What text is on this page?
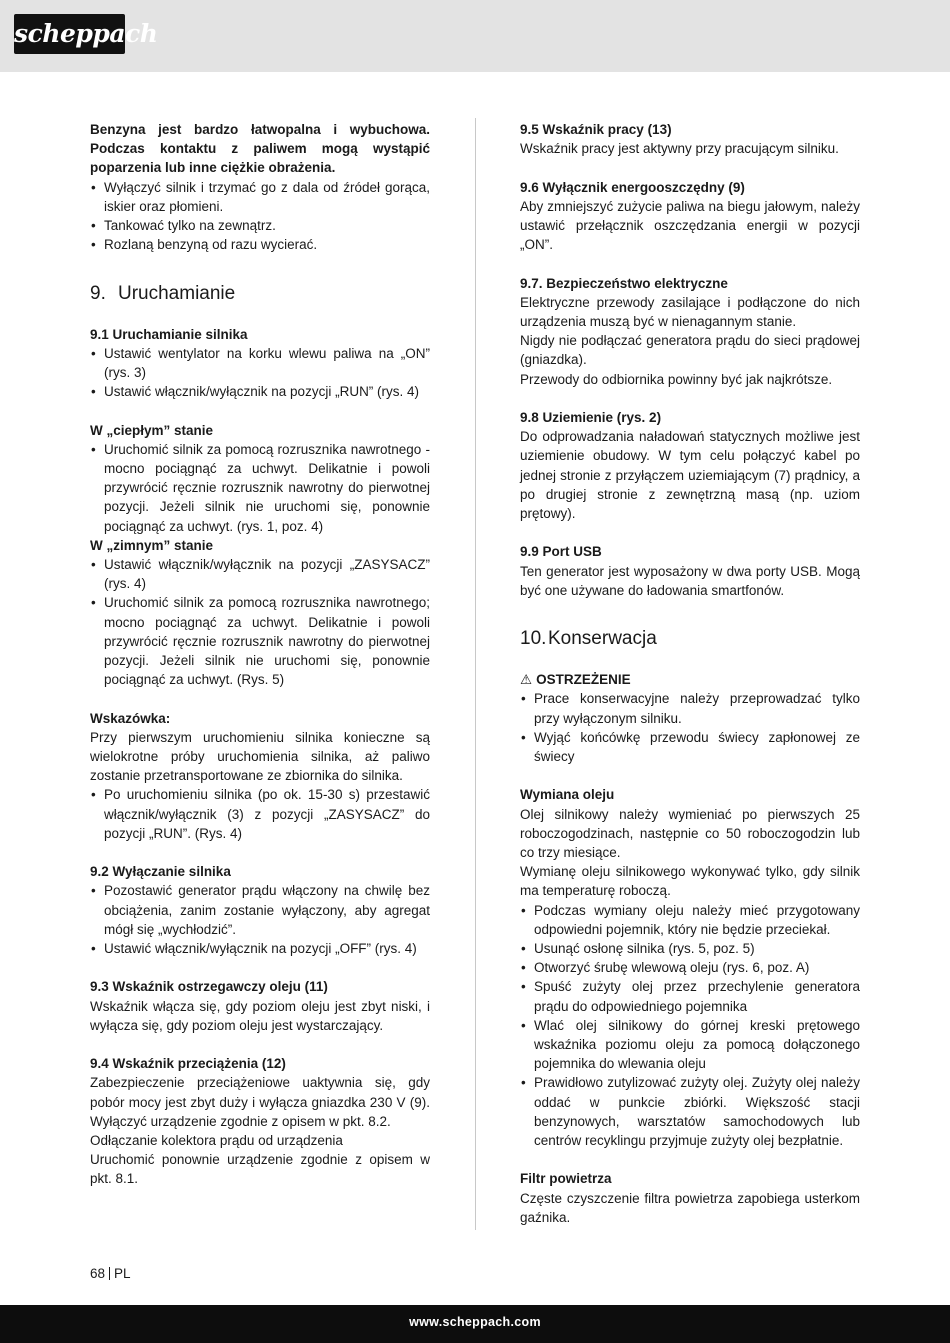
scheppach

Benzyna jest bardzo łatwopalna i wybuchowa. Podczas kontaktu z paliwem mogą wystąpić poparzenia lub inne ciężkie obrażenia.

• Wyłączyć silnik i trzymać go z dala od źródeł gorąca, iskier oraz płomieni.
• Tankować tylko na zewnątrz.
• Rozlaną benzyną od razu wycierać.
9. Uruchamianie

9.1 Uruchamianie silnika

• Ustawić wentylator na korku wlewu paliwa na „ON” (rys. 3)
• Ustawić włącznik/wyłącznik na pozycji „RUN” (rys. 4)

W „ciepłym” stanie

• Uruchomić silnik za pomocą rozrusznika nawrotnego - mocno pociągnąć za uchwyt. Delikatnie i powoli przywrócić ręcznie rozrusznik nawrotny do pierwotnej pozycji. Jeżeli silnik nie uruchomi się, ponownie pociągnąć za uchwyt. (rys. 1, poz. 4)

W „zimnym” stanie

• Ustawić włącznik/wyłącznik na pozycji „ZASYSACZ” (rys. 4)
• Uruchomić silnik za pomocą rozrusznika nawrotnego; mocno pociągnąć za uchwyt. Delikatnie i powoli przywrócić ręcznie rozrusznik nawrotny do pierwotnej pozycji. Jeżeli silnik nie uruchomi się, ponownie pociągnąć za uchwyt. (Rys. 5)

Wskazówka:

Przy pierwszym uruchomieniu silnika konieczne są wielokrotne próby uruchomienia silnika, aż paliwo zostanie przetransportowane ze zbiornika do silnika.

• Po uruchomieniu silnika (po ok. 15-30 s) przestawić włącznik/wyłącznik (3) z pozycji „ZASYSACZ” do pozycji „RUN”. (Rys. 4)

9.2 Wyłączanie silnika

• Pozostawić generator prądu włączony na chwilę bez obciążenia, zanim zostanie wyłączony, aby agregat mógł się „wychłodzić”.
• Ustawić włącznik/wyłącznik na pozycji „OFF” (rys. 4)

9.3 Wskaźnik ostrzegawczy oleju (11)

Wskaźnik włącza się, gdy poziom oleju jest zbyt niski, i wyłącza się, gdy poziom oleju jest wystarczający.

9.4 Wskaźnik przeciążenia (12)

Zabezpieczenie przeciążeniowe uaktywnia się, gdy pobór mocy jest zbyt duży i wyłącza gniazdka 230 V (9). Wyłączyć urządzenie zgodnie z opisem w pkt. 8.2.

Odłączanie kolektora prądu od urządzenia

Uruchomić ponownie urządzenie zgodnie z opisem w pkt. 8.1.

9.5 Wskaźnik pracy (13)

Wskaźnik pracy jest aktywny przy pracującym silniku.

9.6 Wyłącznik energooszczędny (9)

Aby zmniejszyć zużycie paliwa na biegu jałowym, należy ustawić przełącznik oszczędzania energii w pozycji „ON”.

9.7. Bezpieczeństwo elektryczne

Elektryczne przewody zasilające i podłączone do nich urządzenia muszą być w nienagannym stanie.

Nigdy nie podłączać generatora prądu do sieci prądowej (gniazdka).

Przewody do odbiornika powinny być jak najkrótsze.

9.8 Uziemienie (rys. 2)

Do odprowadzania naładowań statycznych możliwe jest uziemienie obudowy. W tym celu połączyć kabel po jednej stronie z przyłączem uziemiającym (7) prądnicy, a po drugiej stronie z zewnętrzną masą (np. uziom prętowy).

9.9 Port USB

Ten generator jest wyposażony w dwa porty USB. Mogą być one używane do ładowania smartfonów.

10. Konserwacja

⚠ OSTRZEŻENIE

• Prace konserwacyjne należy przeprowadzać tylko przy wyłączonym silniku.
• Wyjąć końcówkę przewodu świecy zapłonowej ze świecy

Wymiana oleju

Olej silnikowy należy wymieniać po pierwszych 25 roboczogodzinach, następnie co 50 roboczogodzin lub co trzy miesiące.

Wymianę oleju silnikowego wykonywać tylko, gdy silnik ma temperaturę roboczą.

• Podczas wymiany oleju należy mieć przygotowany odpowiedni pojemnik, który nie będzie przeciekał.
• Usunąć osłonę silnika (rys. 5, poz. 5)
• Otworzyć śrubę wlewową oleju (rys. 6, poz. A)
• Spuść zużyty olej przez przechylenie generatora prądu do odpowiedniego pojemnika
• Wlać olej silnikowy do górnej kreski prętowego wskaźnika poziomu oleju za pomocą dołączonego pojemnika do wlewania oleju
• Prawidłowo zutylizować zużyty olej. Zużyty olej należy oddać w punkcie zbiórki. Większość stacji benzynowych, warsztatów samochodowych lub centrów recyklingu przyjmuje zużyty olej bezpłatnie.

Filtr powietrza

Częste czyszczenie filtra powietrza zapobiega usterkom gaźnika.

68 PL
www.scheppach.com
